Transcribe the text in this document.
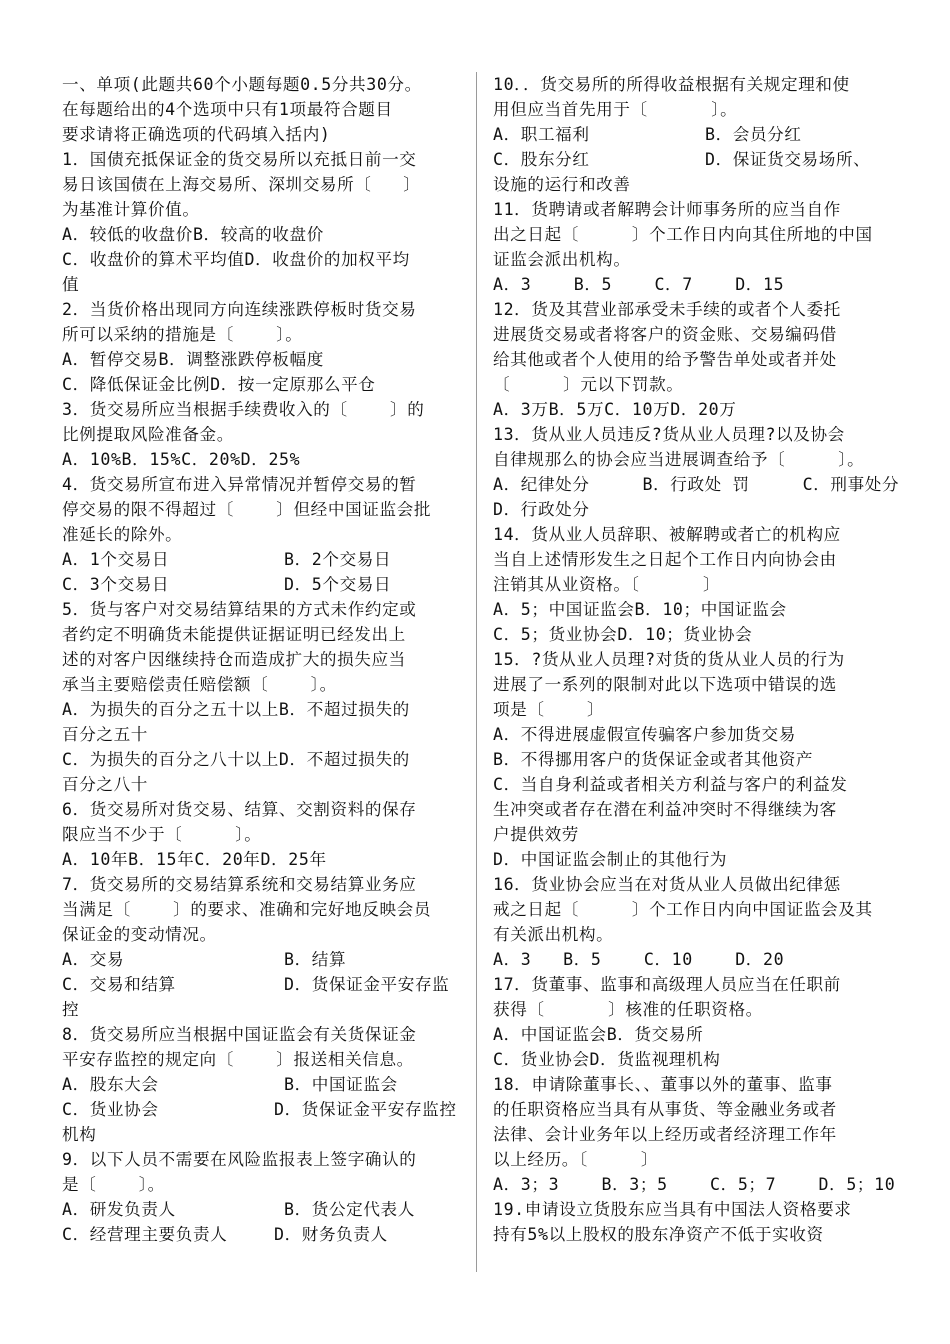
一、单项(此题共60个小题每题0.5分共30分。
在每题给出的4个选项中只有1项最符合题目
要求请将正确选项的代码填入括内)
1．国债充抵保证金的货交易所以充抵日前一交
易日该国债在上海交易所、深圳交易所〔   〕
为基准计算价值。
A．较低的收盘价B．较高的收盘价
C．收盘价的算术平均值D．收盘价的加权平均
值
2．当货价格出现同方向连续涨跌停板时货交易
所可以采纳的措施是〔    〕。
A．暂停交易B．调整涨跌停板幅度
C．降低保证金比例D．按一定原那么平仓
3．货交易所应当根据手续费收入的〔    〕的
比例提取风险准备金。
A．10%B．15%C．20%D．25%
4．货交易所宣布进入异常情况并暂停交易的暂
停交易的限不得超过〔    〕但经中国证监会批
准延长的除外。
A．1个交易日	B．2个交易日
C．3个交易日	D．5个交易日
5．货与客户对交易结算结果的方式未作约定或
者约定不明确货未能提供证据证明已经发出上
述的对客户因继续持仓而造成扩大的损失应当
承当主要赔偿责任赔偿额〔    〕。
A．为损失的百分之五十以上B．不超过损失的
百分之五十
C．为损失的百分之八十以上D．不超过损失的
百分之八十
6．货交易所对货交易、结算、交割资料的保存
限应当不少于〔     〕。
A．10年B．15年C．20年D．25年
7．货交易所的交易结算系统和交易结算业务应
当满足〔    〕的要求、准确和完好地反映会员
保证金的变动情况。
A．交易	B．结算
C．交易和结算	D．货保证金平安存监
控
8．货交易所应当根据中国证监会有关货保证金
平安存监控的规定向〔    〕报送相关信息。
A．股东大会	B．中国证监会
C．货业协会	D．货保证金平安存监控
机构
9．以下人员不需要在风险监报表上签字确认的
是〔    〕。
A．研发负责人	B．货公定代表人
C．经营理主要负责人	D．财务负责人
10．．货交易所的所得收益根据有关规定理和使
用但应当首先用于〔      〕。
A．职工福利	B．会员分红
C．股东分红	D．保证货交易场所、
设施的运行和改善
11．货聘请或者解聘会计师事务所的应当自作
出之日起〔     〕个工作日内向其住所地的中国
证监会派出机构。
A．3    B．5    C．7    D．15
12．货及其营业部承受未手续的或者个人委托
进展货交易或者将客户的资金账、交易编码借
给其他或者个人使用的给予警告单处或者并处
〔     〕元以下罚款。
A．3万B．5万C．10万D．20万
13．货从业人员违反?货从业人员理?以及协会
自律规那么的协会应当进展调查给予〔     〕。
A．纪律处分     B．行政处 罚     C．刑事处分
D．行政处分
14．货从业人员辞职、被解聘或者亡的机构应
当自上述情形发生之日起个工作日内向协会由
注销其从业资格。〔      〕
A．5；中国证监会B．10；中国证监会
C．5；货业协会D．10；货业协会
15．?货从业人员理?对货的货从业人员的行为
进展了一系列的限制对此以下选项中错误的选
项是〔    〕
A．不得进展虚假宣传骗客户参加货交易
B．不得挪用客户的货保证金或者其他资产
C．当自身利益或者相关方利益与客户的利益发
生冲突或者存在潜在利益冲突时不得继续为客
户提供效劳
D．中国证监会制止的其他行为
16．货业协会应当在对货从业人员做出纪律惩
戒之日起〔     〕个工作日内向中国证监会及其
有关派出机构。
A．3   B．5    C．10    D．20
17．货董事、监事和高级理人员应当在任职前
获得〔      〕核准的任职资格。
A．中国证监会B．货交易所
C．货业协会D．货监视理机构
18．申请除董事长、、董事以外的董事、监事
的任职资格应当具有从事货、等金融业务或者
法律、会计业务年以上经历或者经济理工作年
以上经历。〔     〕
A．3；3    B．3；5    C．5；7    D．5；10
19.申请设立货股东应当具有中国法人资格要求
持有5%以上股权的股东净资产不低于实收资
